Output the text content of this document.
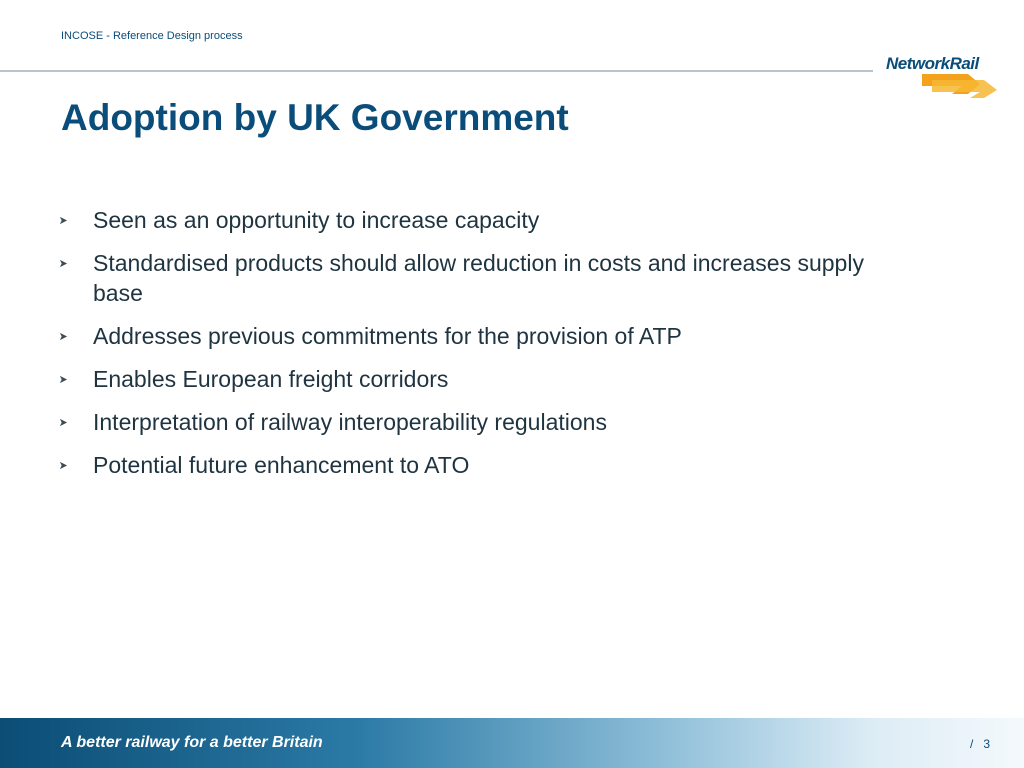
INCOSE - Reference Design process
NetworkRail
Adoption by UK Government
Seen as an opportunity to increase capacity
Standardised products should allow reduction in costs and increases supply base
Addresses previous commitments for the provision of ATP
Enables European freight corridors
Interpretation of railway interoperability regulations
Potential future enhancement to ATO
A better railway for a better Britain	/ 3
